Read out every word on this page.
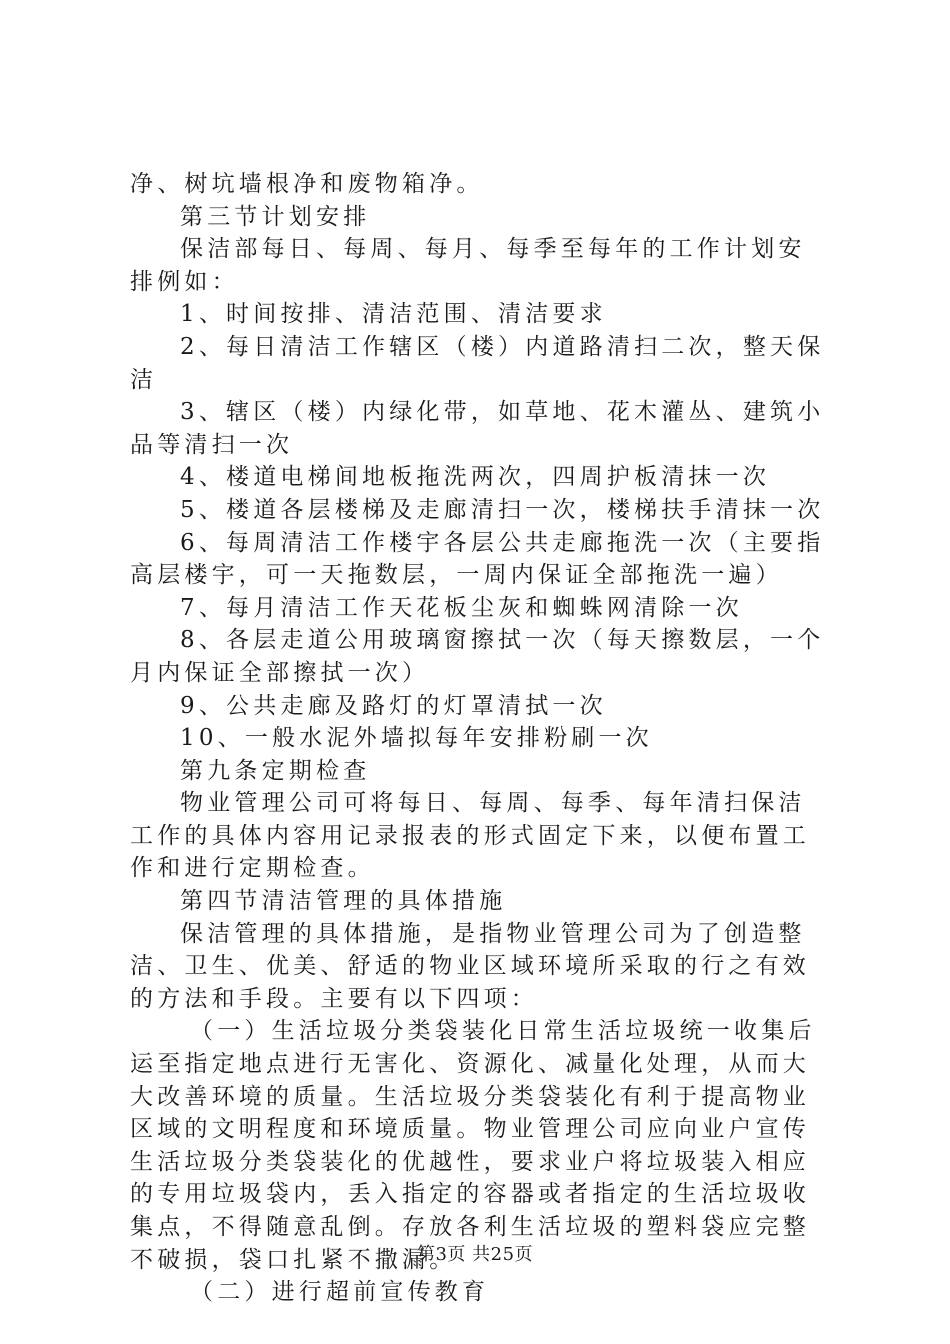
净、树坑墙根净和废物箱净。

第三节计划安排

保洁部每日、每周、每月、每季至每年的工作计划安排例如：

1、时间按排、清洁范围、清洁要求

2、每日清洁工作辖区（楼）内道路清扫二次，整天保洁

3、辖区（楼）内绿化带，如草地、花木灌丛、建筑小品等清扫一次

4、楼道电梯间地板拖洗两次，四周护板清抹一次

5、楼道各层楼梯及走廊清扫一次，楼梯扶手清抹一次

6、每周清洁工作楼宇各层公共走廊拖洗一次（主要指高层楼宇，可一天拖数层，一周内保证全部拖洗一遍）

7、每月清洁工作天花板尘灰和蜘蛛网清除一次

8、各层走道公用玻璃窗擦拭一次（每天擦数层，一个月内保证全部擦拭一次）

9、公共走廊及路灯的灯罩清拭一次

10、一般水泥外墙拟每年安排粉刷一次

第九条定期检查

物业管理公司可将每日、每周、每季、每年清扫保洁工作的具体内容用记录报表的形式固定下来，以便布置工作和进行定期检查。

第四节清洁管理的具体措施

保洁管理的具体措施，是指物业管理公司为了创造整洁、卫生、优美、舒适的物业区域环境所采取的行之有效的方法和手段。主要有以下四项：

（一）生活垃圾分类袋装化日常生活垃圾统一收集后运至指定地点进行无害化、资源化、减量化处理，从而大大改善环境的质量。生活垃圾分类袋装化有利于提高物业区域的文明程度和环境质量。物业管理公司应向业户宣传生活垃圾分类袋装化的优越性，要求业户将垃圾装入相应的专用垃圾袋内，丢入指定的容器或者指定的生活垃圾收集点，不得随意乱倒。存放各利生活垃圾的塑料袋应完整不破损，袋口扎紧不撒漏。

（二）进行超前宣传教育

第3页 共25页
